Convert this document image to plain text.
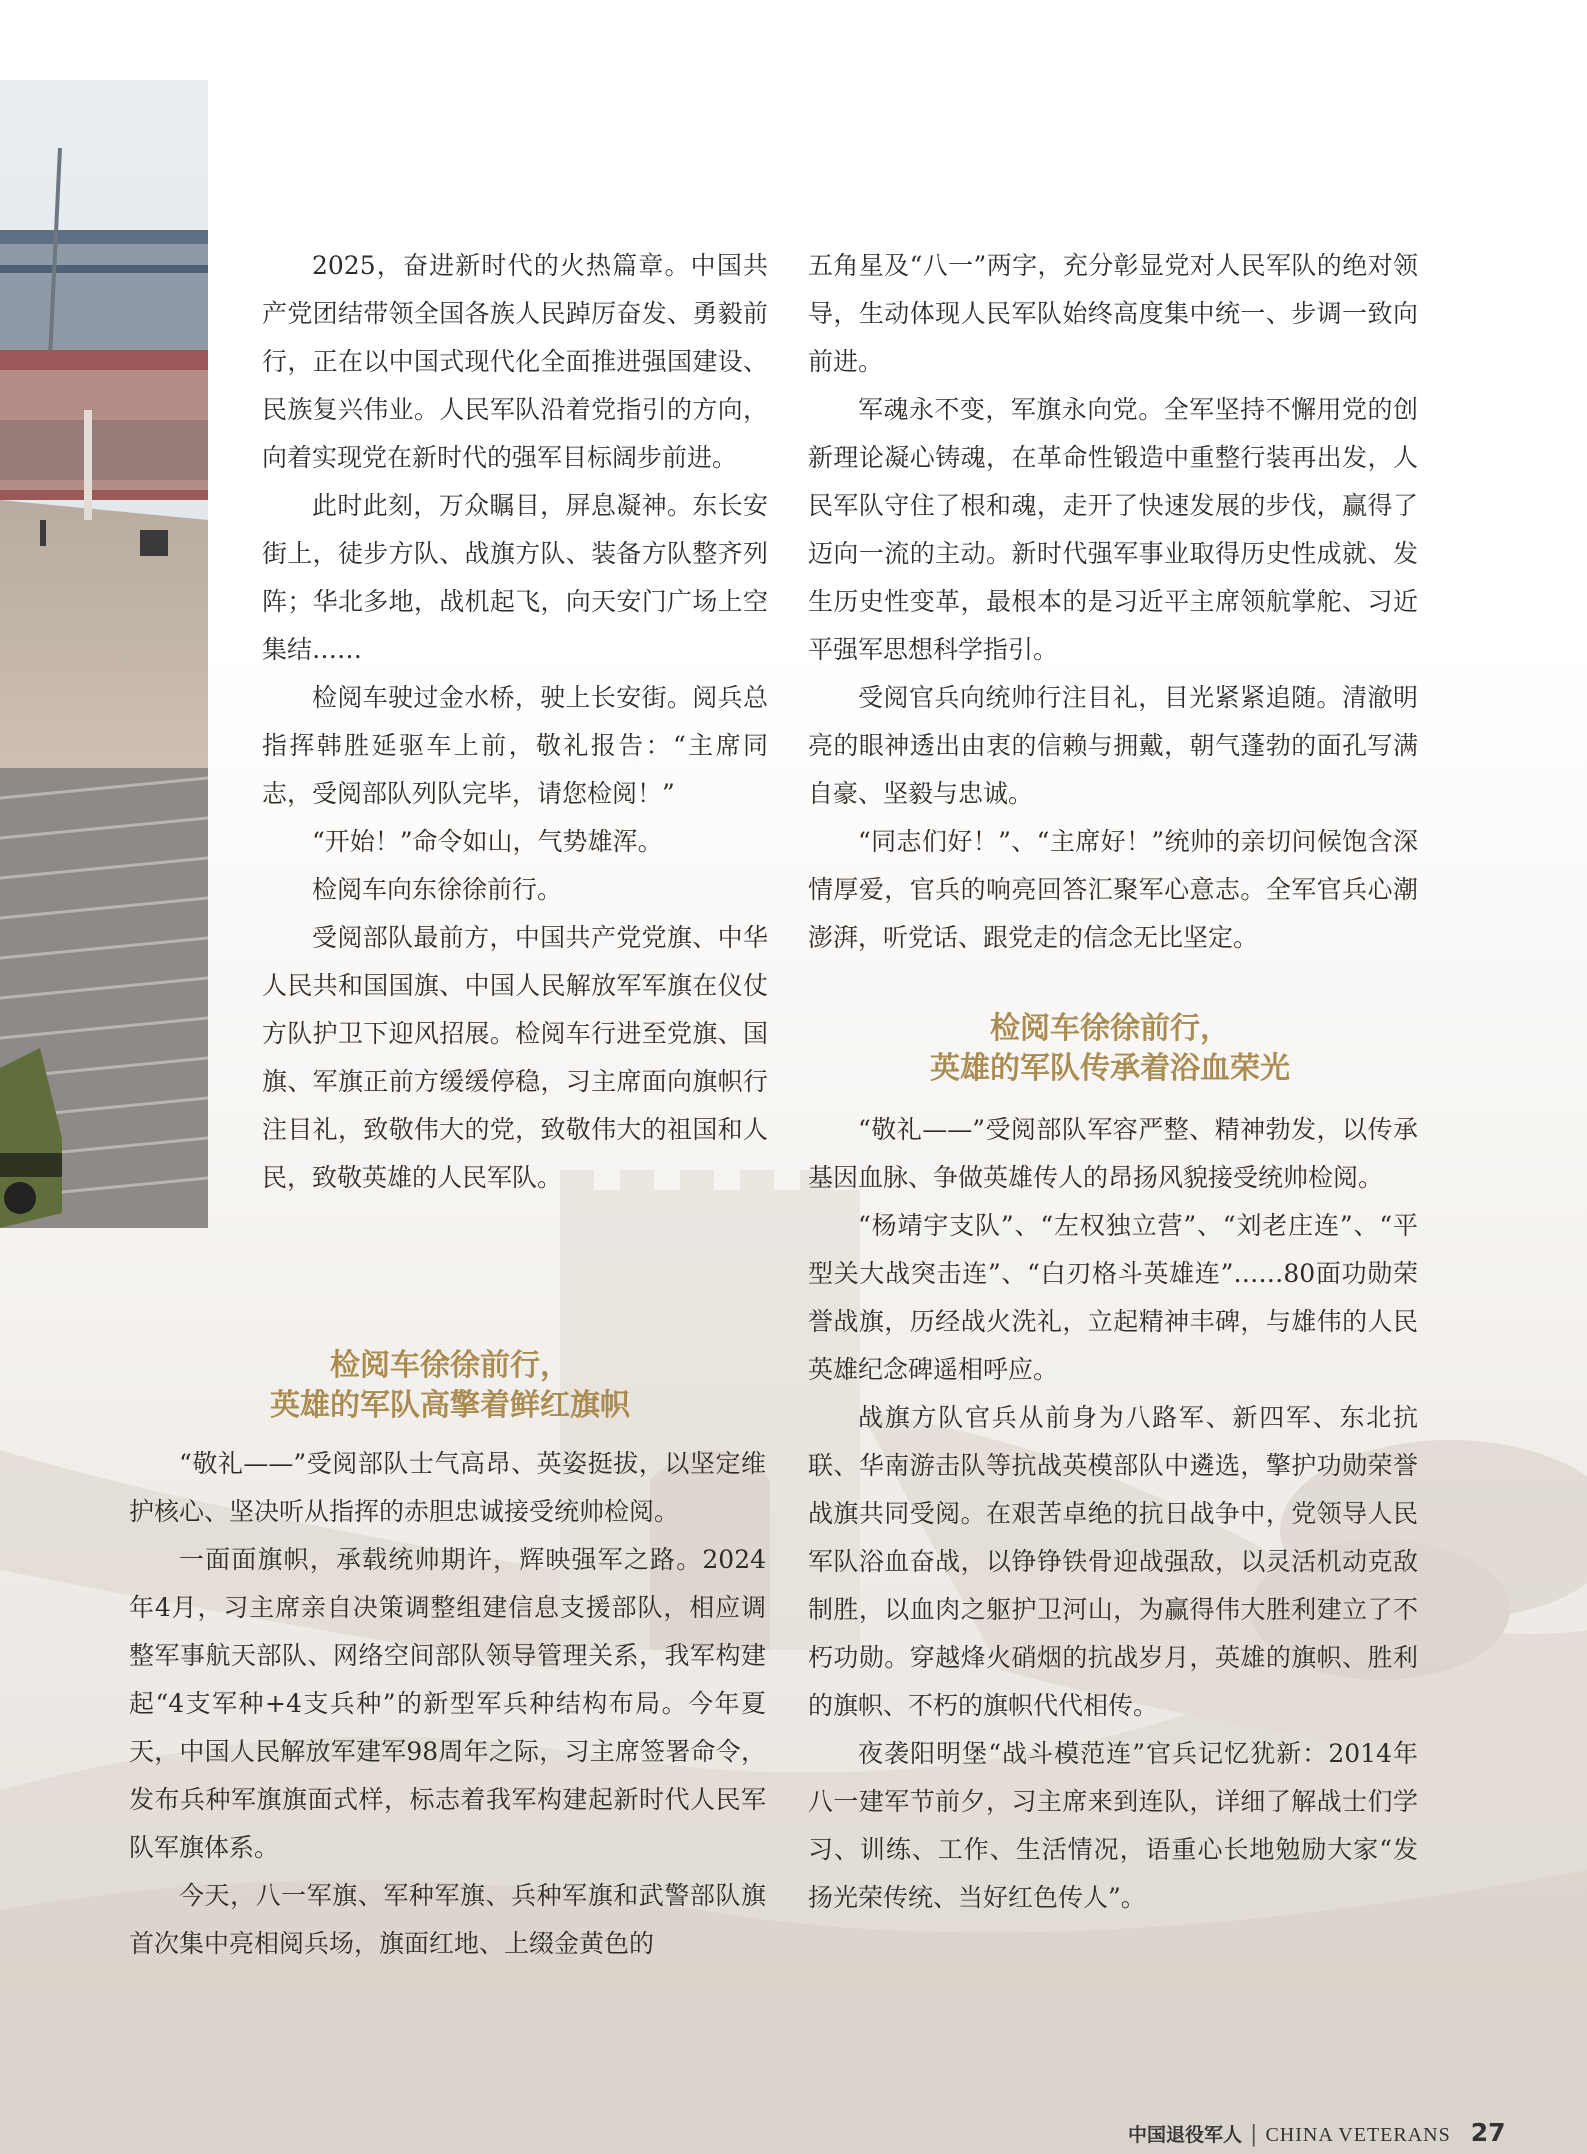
2025，奋进新时代的火热篇章。中国共产党团结带领全国各族人民踔厉奋发、勇毅前行，正在以中国式现代化全面推进强国建设、民族复兴伟业。人民军队沿着党指引的方向，向着实现党在新时代的强军目标阔步前进。

此时此刻，万众瞩目，屏息凝神。东长安街上，徒步方队、战旗方队、装备方队整齐列阵；华北多地，战机起飞，向天安门广场上空集结……

检阅车驶过金水桥，驶上长安街。阅兵总指挥韩胜延驱车上前，敬礼报告：“主席同志，受阅部队列队完毕，请您检阅！”

“开始！”命令如山，气势雄浑。

检阅车向东徐徐前行。

受阅部队最前方，中国共产党党旗、中华人民共和国国旗、中国人民解放军军旗在仪仗方队护卫下迎风招展。检阅车行进至党旗、国旗、军旗正前方缓缓停稳，习主席面向旗帜行注目礼，致敬伟大的党，致敬伟大的祖国和人民，致敬英雄的人民军队。

检阅车徐徐前行，
英雄的军队高擎着鲜红旗帜

“敬礼——”受阅部队士气高昂、英姿挺拔，以坚定维护核心、坚决听从指挥的赤胆忠诚接受统帅检阅。

一面面旗帜，承载统帅期许，辉映强军之路。2024年4月，习主席亲自决策调整组建信息支援部队，相应调整军事航天部队、网络空间部队领导管理关系，我军构建起“4支军种+4支兵种”的新型军兵种结构布局。今年夏天，中国人民解放军建军98周年之际，习主席签署命令，发布兵种军旗旗面式样，标志着我军构建起新时代人民军队军旗体系。

今天，八一军旗、军种军旗、兵种军旗和武警部队旗首次集中亮相阅兵场，旗面红地、上缀金黄色的

五角星及“八一”两字，充分彰显党对人民军队的绝对领导，生动体现人民军队始终高度集中统一、步调一致向前进。

军魂永不变，军旗永向党。全军坚持不懈用党的创新理论凝心铸魂，在革命性锻造中重整行装再出发，人民军队守住了根和魂，走开了快速发展的步伐，赢得了迈向一流的主动。新时代强军事业取得历史性成就、发生历史性变革，最根本的是习近平主席领航掌舵、习近平强军思想科学指引。

受阅官兵向统帅行注目礼，目光紧紧追随。清澈明亮的眼神透出由衷的信赖与拥戴，朝气蓬勃的面孔写满自豪、坚毅与忠诚。

“同志们好！”、“主席好！”统帅的亲切问候饱含深情厚爱，官兵的响亮回答汇聚军心意志。全军官兵心潮澎湃，听党话、跟党走的信念无比坚定。

检阅车徐徐前行，
英雄的军队传承着浴血荣光

“敬礼——”受阅部队军容严整、精神勃发，以传承基因血脉、争做英雄传人的昂扬风貌接受统帅检阅。

“杨靖宇支队”、“左权独立营”、“刘老庄连”、“平型关大战突击连”、“白刃格斗英雄连”……80面功勋荣誉战旗，历经战火洗礼，立起精神丰碑，与雄伟的人民英雄纪念碑遥相呼应。

战旗方队官兵从前身为八路军、新四军、东北抗联、华南游击队等抗战英模部队中遴选，擎护功勋荣誉战旗共同受阅。在艰苦卓绝的抗日战争中，党领导人民军队浴血奋战，以铮铮铁骨迎战强敌，以灵活机动克敌制胜，以血肉之躯护卫河山，为赢得伟大胜利建立了不朽功勋。穿越烽火硝烟的抗战岁月，英雄的旗帜、胜利的旗帜、不朽的旗帜代代相传。

夜袭阳明堡“战斗模范连”官兵记忆犹新：2014年八一建军节前夕，习主席来到连队，详细了解战士们学习、训练、工作、生活情况，语重心长地勉励大家“发扬光荣传统、当好红色传人”。

中国退役军人 | CHINA VETERANS 27
